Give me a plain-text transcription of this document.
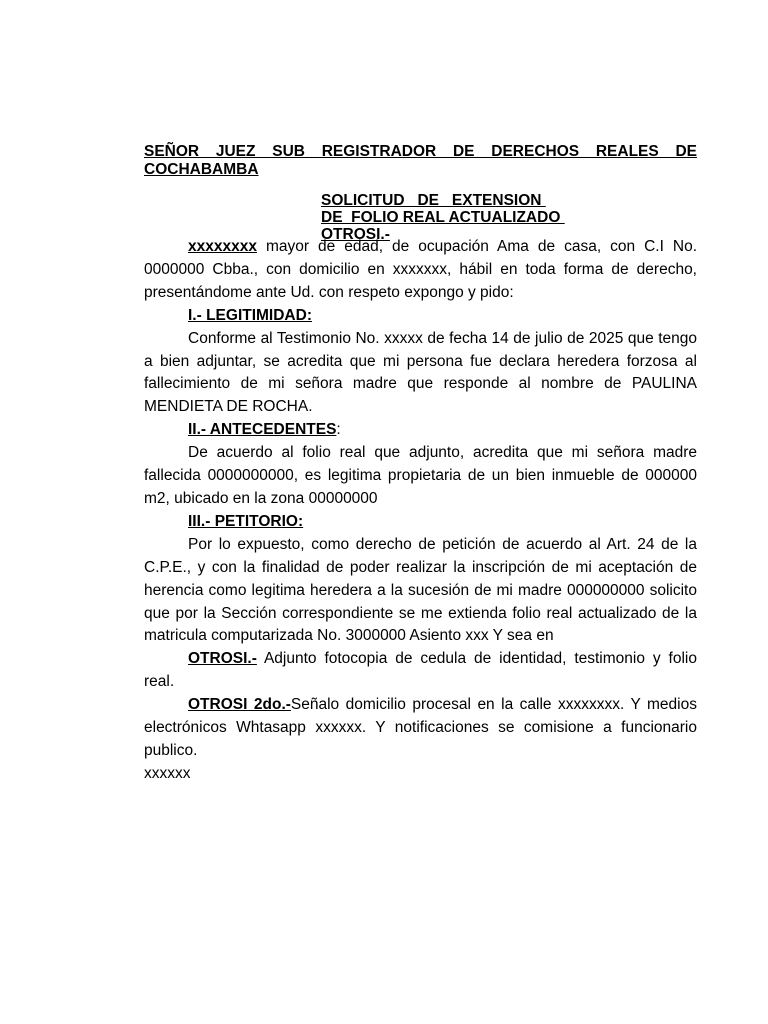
SEÑOR JUEZ SUB REGISTRADOR DE DERECHOS REALES DE COCHABAMBA
SOLICITUD   DE   EXTENSION
DE  FOLIO REAL ACTUALIZADO
OTROSI.-

xxxxxxxx mayor de edad, de ocupación Ama de casa, con C.I No. 0000000 Cbba., con domicilio en xxxxxxx, hábil en toda forma de derecho, presentándome ante Ud. con respeto expongo y pido:

I.- LEGITIMIDAD:

Conforme al Testimonio No. xxxxx de fecha 14 de julio de 2025 que tengo a bien adjuntar, se acredita que mi persona fue declara heredera forzosa al fallecimiento de mi señora madre que responde al nombre de PAULINA MENDIETA DE ROCHA.

II.- ANTECEDENTES:

De acuerdo al folio real que adjunto, acredita que mi señora madre fallecida 0000000000, es legitima propietaria de un bien inmueble de 000000 m2, ubicado en la zona 00000000

III.- PETITORIO:

Por lo expuesto, como derecho de petición de acuerdo al Art. 24 de la C.P.E., y con la finalidad de poder realizar la inscripción de mi aceptación de herencia como legitima heredera a la sucesión de mi madre 000000000 solicito que por la Sección correspondiente se me extienda folio real actualizado de la matricula computarizada No. 3000000 Asiento xxx Y sea en

OTROSI.- Adjunto fotocopia de cedula de identidad, testimonio y folio real.

OTROSI 2do.-Señalo domicilio procesal en la calle xxxxxxxx. Y medios electrónicos Whtasapp xxxxxx. Y notificaciones se comisione a funcionario publico.

xxxxxx
